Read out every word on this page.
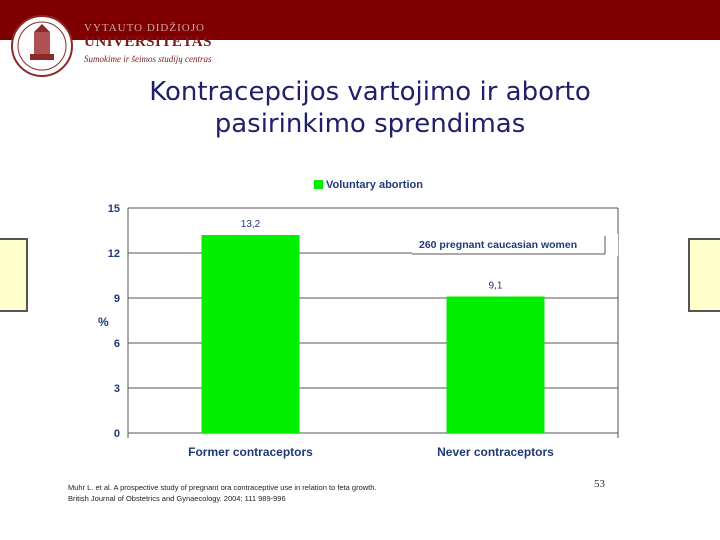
VYTAUTO DIDŽIOJO
UNIVERSITETAS
Sumokime ir šeimos studijų centras
Kontracepcijos vartojimo ir aborto
pasirinkimo sprendimas
0
3
6
9
12
15
%
Voluntary abortion
13,2
9,1
Former contraceptors	Never contraceptors
260 pregnant caucasian women
Muhr L. et al. A prospective study of pregnant ora contraceptive use in relation to feta growth.
British Journal of Obstetrics and Gynaecology. 2004; 111 989-996
53
